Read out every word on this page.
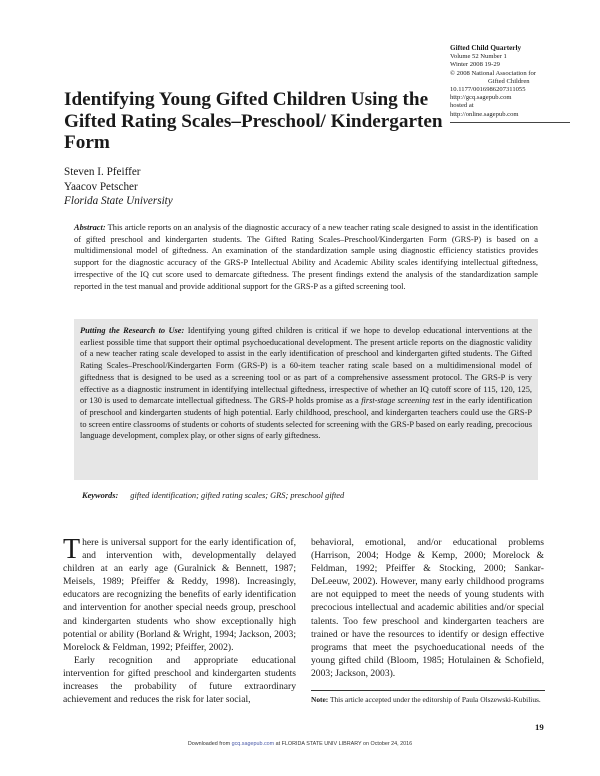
Gifted Child Quarterly
Volume 52 Number 1
Winter 2008 19-29
© 2008 National Association for
Gifted Children
10.1177/0016986207311055
http://gcq.sagepub.com
hosted at
http://online.sagepub.com
Identifying Young Gifted Children Using the Gifted Rating Scales–Preschool/ Kindergarten Form
Steven I. Pfeiffer
Yaacov Petscher
Florida State University

Abstract: This article reports on an analysis of the diagnostic accuracy of a new teacher rating scale designed to assist in the identification of gifted preschool and kindergarten students. The Gifted Rating Scales–Preschool/Kindergarten Form (GRS-P) is based on a multidimensional model of giftedness. An examination of the standardization sample using diagnostic efficiency statistics provides support for the diagnostic accuracy of the GRS-P Intellectual Ability and Academic Ability scales identifying intellectual giftedness, irrespective of the IQ cut score used to demarcate giftedness. The present findings extend the analysis of the standardization sample reported in the test manual and provide additional support for the GRS-P as a gifted screening tool.

Putting the Research to Use: Identifying young gifted children is critical if we hope to develop educational interventions at the earliest possible time that support their optimal psychoeducational development. The present article reports on the diagnostic validity of a new teacher rating scale developed to assist in the early identification of preschool and kindergarten gifted students. The Gifted Rating Scales–Preschool/Kindergarten Form (GRS-P) is a 60-item teacher rating scale based on a multidimensional model of giftedness that is designed to be used as a screening tool or as part of a comprehensive assessment protocol. The GRS-P is very effective as a diagnostic instrument in identifying intellectual giftedness, irrespective of whether an IQ cutoff score of 115, 120, 125, or 130 is used to demarcate intellectual giftedness. The GRS-P holds promise as a first-stage screening test in the early identification of preschool and kindergarten students of high potential. Early childhood, preschool, and kindergarten teachers could use the GRS-P to screen entire classrooms of students or cohorts of students selected for screening with the GRS-P based on early reading, precocious language development, complex play, or other signs of early giftedness.

Keywords: gifted identification; gifted rating scales; GRS; preschool gifted

There is universal support for the early identification of, and intervention with, developmentally delayed children at an early age (Guralnick & Bennett, 1987; Meisels, 1989; Pfeiffer & Reddy, 1998). Increasingly, educators are recognizing the benefits of early identification and intervention for another special needs group, preschool and kindergarten students who show exceptionally high potential or ability (Borland & Wright, 1994; Jackson, 2003; Morelock & Feldman, 1992; Pfeiffer, 2002).

Early recognition and appropriate educational intervention for gifted preschool and kindergarten students increases the probability of future extraordinary achievement and reduces the risk for later social,

behavioral, emotional, and/or educational problems (Harrison, 2004; Hodge & Kemp, 2000; Morelock & Feldman, 1992; Pfeiffer & Stocking, 2000; Sankar-DeLeeuw, 2002). However, many early childhood programs are not equipped to meet the needs of young students with precocious intellectual and academic abilities and/or special talents. Too few preschool and kindergarten teachers are trained or have the resources to identify or design effective programs that meet the psychoeducational needs of the young gifted child (Bloom, 1985; Hotulainen & Schofield, 2003; Jackson, 2003).

Note: This article accepted under the editorship of Paula Olszewski-Kubilius.
19
Downloaded from gcq.sagepub.com at FLORIDA STATE UNIV LIBRARY on October 24, 2016
